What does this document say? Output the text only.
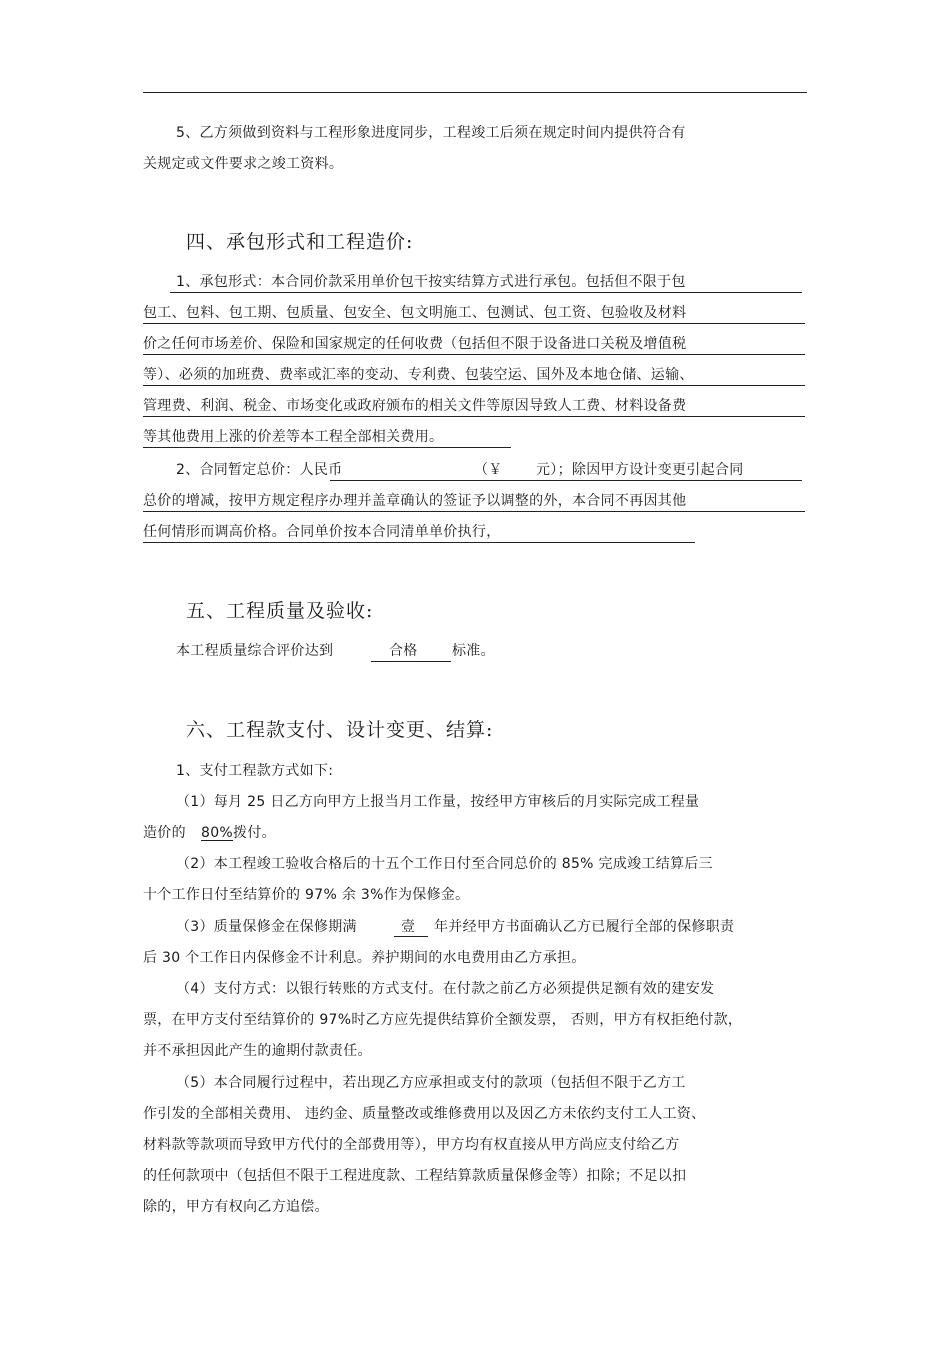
5、乙方须做到资料与工程形象进度同步，工程竣工后须在规定时间内提供符合有
关规定或文件要求之竣工资料。
四、承包形式和工程造价:
1、承包形式：本合同价款采用单价包干按实结算方式进行承包。包括但不限于包
包工、包料、包工期、包质量、包安全、包文明施工、包测试、包工资、包验收及材料
价之任何市场差价、保险和国家规定的任何收费（包括但不限于设备进口关税及增值税
等）、必须的加班费、费率或汇率的变动、专利费、包装空运、国外及本地仓储、运输、
管理费、利润、税金、市场变化或政府颁布的相关文件等原因导致人工费、材料设备费
等其他费用上涨的价差等本工程全部相关费用。
2、合同暂定总价：人民币	（￥ 元）；除因甲方设计变更引起合同
总价的增减，按甲方规定程序办理并盖章确认的签证予以调整的外，本合同不再因其他
任何情形而调高价格。合同单价按本合同清单单价执行，
五、工程质量及验收:
本工程质量综合评价达到	合格 标准。
六、工程款支付、设计变更、结算:
1、支付工程款方式如下:
（1）每月 25 日乙方向甲方上报当月工作量，按经甲方审核后的月实际完成工程量
造价的 80%拨付。
（2）本工程竣工验收合格后的十五个工作日付至合同总价的 85% 完成竣工结算后三
十个工作日付至结算价的 97% 余 3%作为保修金。
（3）质量保修金在保修期满	壹 年并经甲方书面确认乙方已履行全部的保修职责
后 30 个工作日内保修金不计利息。养护期间的水电费用由乙方承担。
（4）支付方式：以银行转账的方式支付。在付款之前乙方必须提供足额有效的建安发
票，在甲方支付至结算价的 97%时乙方应先提供结算价全额发票， 否则，甲方有权拒绝付款，
并不承担因此产生的逾期付款责任。
（5）本合同履行过程中，若出现乙方应承担或支付的款项（包括但不限于乙方工
作引发的全部相关费用、 违约金、质量整改或维修费用以及因乙方未依约支付工人工资、
材料款等款项而导致甲方代付的全部费用等），甲方均有权直接从甲方尚应支付给乙方
的任何款项中（包括但不限于工程进度款、工程结算款质量保修金等）扣除；不足以扣
除的，甲方有权向乙方追偿。
